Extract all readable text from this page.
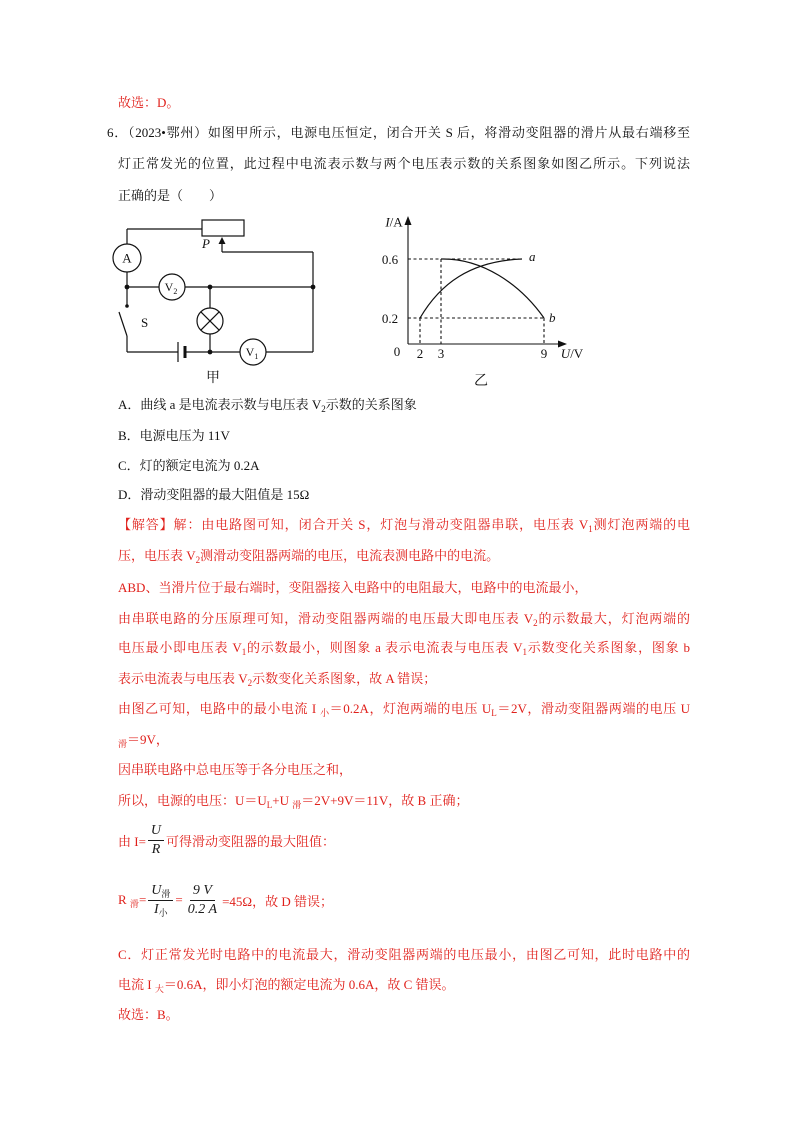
故选：D。
6．（2023•鄂州）如图甲所示，电源电压恒定，闭合开关 S 后，将滑动变阻器的滑片从最右端移至
灯正常发光的位置，此过程中电流表示数与两个电压表示数的关系图象如图乙所示。下列说法
正确的是（　　）
A
$V_2$
$V_1$
S
P
甲
I/A
U/V
0
0.6
0.2
2 3	9
a
b
乙
A．曲线 a 是电流表示数与电压表 $V_2$示数的关系图象
B．电源电压为 11V
C．灯的额定电流为 0.2A
D．滑动变阻器的最大阻值是 15Ω
【解答】解：由电路图可知，闭合开关 S，灯泡与滑动变阻器串联，电压表 $V_1$测灯泡两端的电
压，电压表 $V_2$测滑动变阻器两端的电压，电流表测电路中的电流。
ABD、当滑片位于最右端时，变阻器接入电路中的电阻最大，电路中的电流最小，
由串联电路的分压原理可知，滑动变阻器两端的电压最大即电压表 $V_2$的示数最大，灯泡两端的
电压最小即电压表 $V_1$的示数最小，则图象 a 表示电流表与电压表 $V_1$示数变化关系图象，图象 b
表示电流表与电压表 $V_2$示数变化关系图象，故 A 错误；
由图乙可知，电路中的最小电流 I $_小$＝0.2A，灯泡两端的电压 $U_L=2V$，滑动变阻器两端的电压 U
$_滑$＝9V，
因串联电路中总电压等于各分电压之和，
所以，电源的电压：$U=U_L+U$ $_滑$＝2V+9V＝11V，故 B 正确；
由 $I= \frac{U}{R}$ 可得滑动变阻器的最大阻值：
R $_滑= \frac{U_滑}{I_小} = \frac{9 V}{0.2 A} =45\Omega$，故 D 错误；
C．灯正常发光时电路中的电流最大，滑动变阻器两端的电压最小，由图乙可知，此时电路中的
电流 I $_大$＝0.6A，即小灯泡的额定电流为 0.6A，故 C 错误。
故选：B。
